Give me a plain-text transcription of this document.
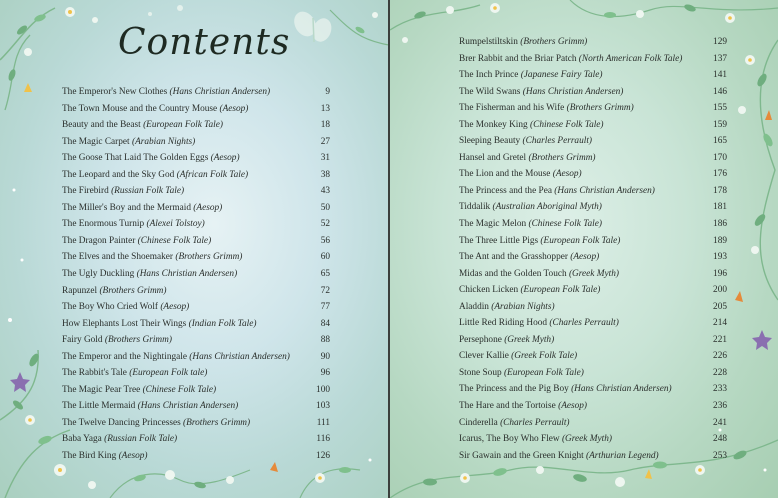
Contents
The Emperor's New Clothes (Hans Christian Andersen)	9
The Town Mouse and the Country Mouse (Aesop)	13
Beauty and the Beast (European Folk Tale)	18
The Magic Carpet (Arabian Nights)	27
The Goose That Laid The Golden Eggs (Aesop)	31
The Leopard and the Sky God (African Folk Tale)	38
The Firebird (Russian Folk Tale)	43
The Miller's Boy and the Mermaid (Aesop)	50
The Enormous Turnip (Alexei Tolstoy)	52
The Dragon Painter (Chinese Folk Tale)	56
The Elves and the Shoemaker (Brothers Grimm)	60
The Ugly Duckling (Hans Christian Andersen)	65
Rapunzel (Brothers Grimm)	72
The Boy Who Cried Wolf (Aesop)	77
How Elephants Lost Their Wings (Indian Folk Tale)	84
Fairy Gold (Brothers Grimm)	88
The Emperor and the Nightingale (Hans Christian Andersen)	90
The Rabbit's Tale (European Folk tale)	96
The Magic Pear Tree (Chinese Folk Tale)	100
The Little Mermaid (Hans Christian Andersen)	103
The Twelve Dancing Princesses (Brothers Grimm)	111
Baba Yaga (Russian Folk Tale)	116
The Bird King (Aesop)	126
Rumpelstiltskin (Brothers Grimm)	129
Brer Rabbit and the Briar Patch (North American Folk Tale)	137
The Inch Prince (Japanese Fairy Tale)	141
The Wild Swans (Hans Christian Andersen)	146
The Fisherman and his Wife (Brothers Grimm)	155
The Monkey King (Chinese Folk Tale)	159
Sleeping Beauty (Charles Perrault)	165
Hansel and Gretel (Brothers Grimm)	170
The Lion and the Mouse (Aesop)	176
The Princess and the Pea (Hans Christian Andersen)	178
Tiddalik (Australian Aboriginal Myth)	181
The Magic Melon (Chinese Folk Tale)	186
The Three Little Pigs (European Folk Tale)	189
The Ant and the Grasshopper (Aesop)	193
Midas and the Golden Touch (Greek Myth)	196
Chicken Licken (European Folk Tale)	200
Aladdin (Arabian Nights)	205
Little Red Riding Hood (Charles Perrault)	214
Persephone (Greek Myth)	221
Clever Kallie (Greek Folk Tale)	226
Stone Soup (European Folk Tale)	228
The Princess and the Pig Boy (Hans Christian Andersen)	233
The Hare and the Tortoise (Aesop)	236
Cinderella (Charles Perrault)	241
Icarus, The Boy Who Flew (Greek Myth)	248
Sir Gawain and the Green Knight (Arthurian Legend)	253
